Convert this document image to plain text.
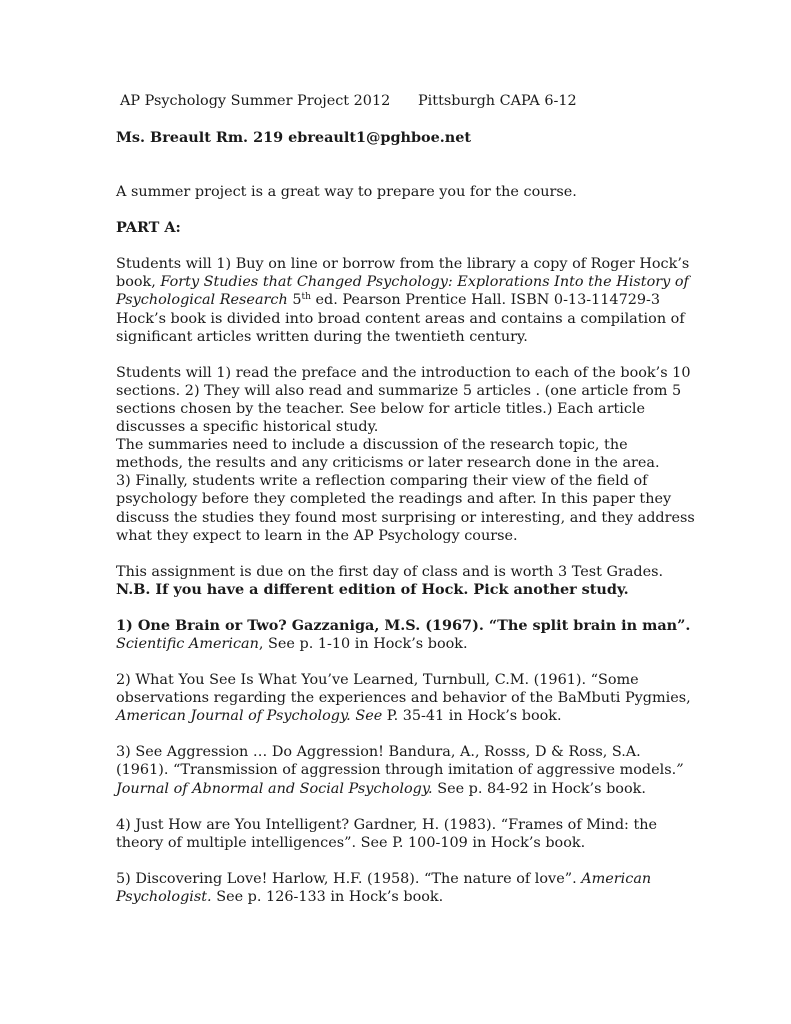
AP Psychology Summer Project 2012 Pittsburgh CAPA 6-12

Ms. Breault Rm. 219 ebreault1@pghboe.net

A summer project is a great way to prepare you for the course.

PART A:

Students will 1) Buy on line or borrow from the library a copy of Roger Hock’s book, Forty Studies that Changed Psychology: Explorations Into the History of Psychological Research 5th ed. Pearson Prentice Hall. ISBN 0-13-114729-3 Hock’s book is divided into broad content areas and contains a compilation of significant articles written during the twentieth century.

Students will 1) read the preface and the introduction to each of the book’s 10 sections. 2) They will also read and summarize 5 articles . (one article from 5 sections chosen by the teacher. See below for article titles.) Each article discusses a specific historical study.

The summaries need to include a discussion of the research topic, the methods, the results and any criticisms or later research done in the area.

3) Finally, students write a reflection comparing their view of the field of psychology before they completed the readings and after. In this paper they discuss the studies they found most surprising or interesting, and they address what they expect to learn in the AP Psychology course.

This assignment is due on the first day of class and is worth 3 Test Grades. N.B. If you have a different edition of Hock. Pick another study.

1) One Brain or Two? Gazzaniga, M.S. (1967). “The split brain in man”. Scientific American, See p. 1-10 in Hock’s book.

2) What You See Is What You’ve Learned, Turnbull, C.M. (1961). “Some observations regarding the experiences and behavior of the BaMbuti Pygmies, American Journal of Psychology. See P. 35-41 in Hock’s book.

3) See Aggression … Do Aggression! Bandura, A., Rosss, D & Ross, S.A. (1961). “Transmission of aggression through imitation of aggressive models.” Journal of Abnormal and Social Psychology. See p. 84-92 in Hock’s book.

4) Just How are You Intelligent? Gardner, H. (1983). “Frames of Mind: the theory of multiple intelligences”. See P. 100-109 in Hock’s book.

5) Discovering Love! Harlow, H.F. (1958). “The nature of love”. American Psychologist. See p. 126-133 in Hock’s book.
